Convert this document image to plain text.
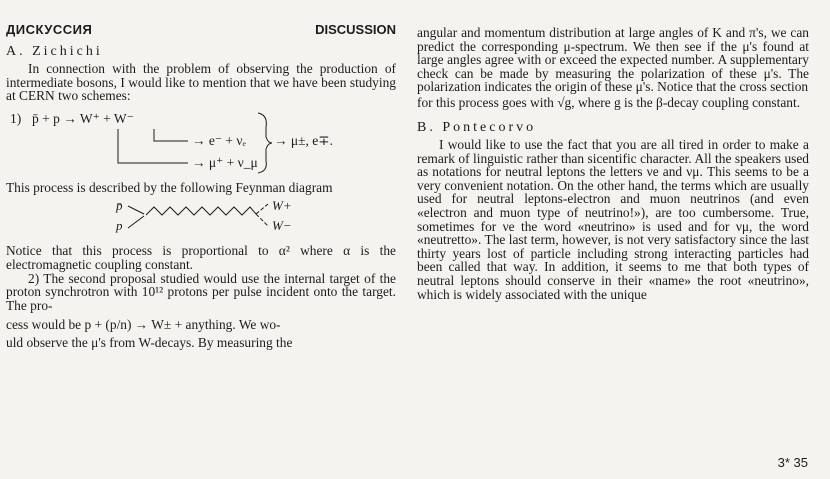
ДИСКУССИЯ	DISCUSSION
A. Zichichi

In connection with the problem of observing the production of intermediate bosons, I would like to mention that we have been studying at CERN two schemes:

1) p̄ + p → W⁺ + W⁻
→ e⁻ + νₑ
→ μ⁺ + ν_μ
→ μ±, e∓.

This process is described by the following Feynman diagram

p̄
p
W+
W−

Notice that this process is proportional to α² where α is the electromagnetic coupling constant.

2) The second proposal studied would use the internal target of the proton synchrotron with 10¹² protons per pulse incident onto the target. The pro-

cess would be p + (p/n) → W± + anything. We wo-

uld observe the μ's from W-decays. By measuring the

angular and momentum distribution at large angles of K and π's, we can predict the corresponding μ-spectrum. We then see if the μ's found at large angles agree with or exceed the expected number. A supplementary check can be made by measuring the polarization of these μ's. The polarization indicates the origin of these μ's. Notice that the cross section

for this process goes with √g, where g is the β-decay coupling constant.

B. Pontecorvo

I would like to use the fact that you are all tired in order to make a remark of linguistic rather than sicentific character. All the speakers used as notations for neutral leptons the letters νe and νμ. This seems to be a very convenient notation. On the other hand, the terms which are usually used for neutral leptons-electron and muon neutrinos (and even «electron and muon type of neutrino!»), are too cumbersome. True, sometimes for νe the word «neutrino» is used and for νμ, the word «neutretto». The last term, however, is not very satisfactory since the last thirty years lost of particle including strong interacting particles had been called that way. In addition, it seems to me that both types of neutral leptons should conserve in their «name» the root «neutrino», which is widely associated with the unique

3* 35
